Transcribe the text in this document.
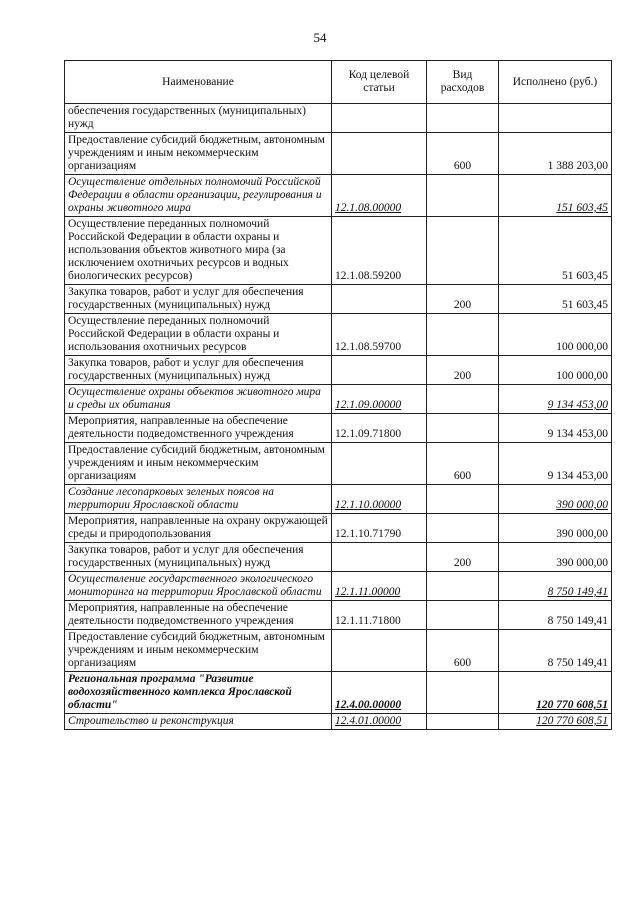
54
Наименование	Код целевой статьи	Вид расходов	Исполнено (руб.)
обеспечения государственных (муниципальных) нужд			
Предоставление субсидий бюджетным, автономным учреждениям и иным некоммерческим организациям		600	1 388 203,00
Осуществление отдельных полномочий Российской Федерации в области организации, регулирования и охраны животного мира	12.1.08.00000		151 603,45
Осуществление переданных полномочий Российской Федерации в области охраны и использования объектов животного мира (за исключением охотничьих ресурсов и водных биологических ресурсов)	12.1.08.59200		51 603,45
Закупка товаров, работ и услуг для обеспечения государственных (муниципальных) нужд		200	51 603,45
Осуществление переданных полномочий Российской Федерации в области охраны и использования охотничьих ресурсов	12.1.08.59700		100 000,00
Закупка товаров, работ и услуг для обеспечения государственных (муниципальных) нужд		200	100 000,00
Осуществление охраны объектов животного мира и среды их обитания	12.1.09.00000		9 134 453,00
Мероприятия, направленные на обеспечение деятельности подведомственного учреждения	12.1.09.71800		9 134 453,00
Предоставление субсидий бюджетным, автономным учреждениям и иным некоммерческим организациям		600	9 134 453,00
Создание лесопарковых зеленых поясов на территории Ярославской области	12.1.10.00000		390 000,00
Мероприятия, направленные на охрану окружающей среды и природопользования	12.1.10.71790		390 000,00
Закупка товаров, работ и услуг для обеспечения государственных (муниципальных) нужд		200	390 000,00
Осуществление государственного экологического мониторинга на территории Ярославской области	12.1.11.00000		8 750 149,41
Мероприятия, направленные на обеспечение деятельности подведомственного учреждения	12.1.11.71800		8 750 149,41
Предоставление субсидий бюджетным, автономным учреждениям и иным некоммерческим организациям		600	8 750 149,41
Региональная программа "Развитие водохозяйственного комплекса Ярославской области"	12.4.00.00000		120 770 608,51
Строительство и реконструкция	12.4.01.00000		120 770 608,51
